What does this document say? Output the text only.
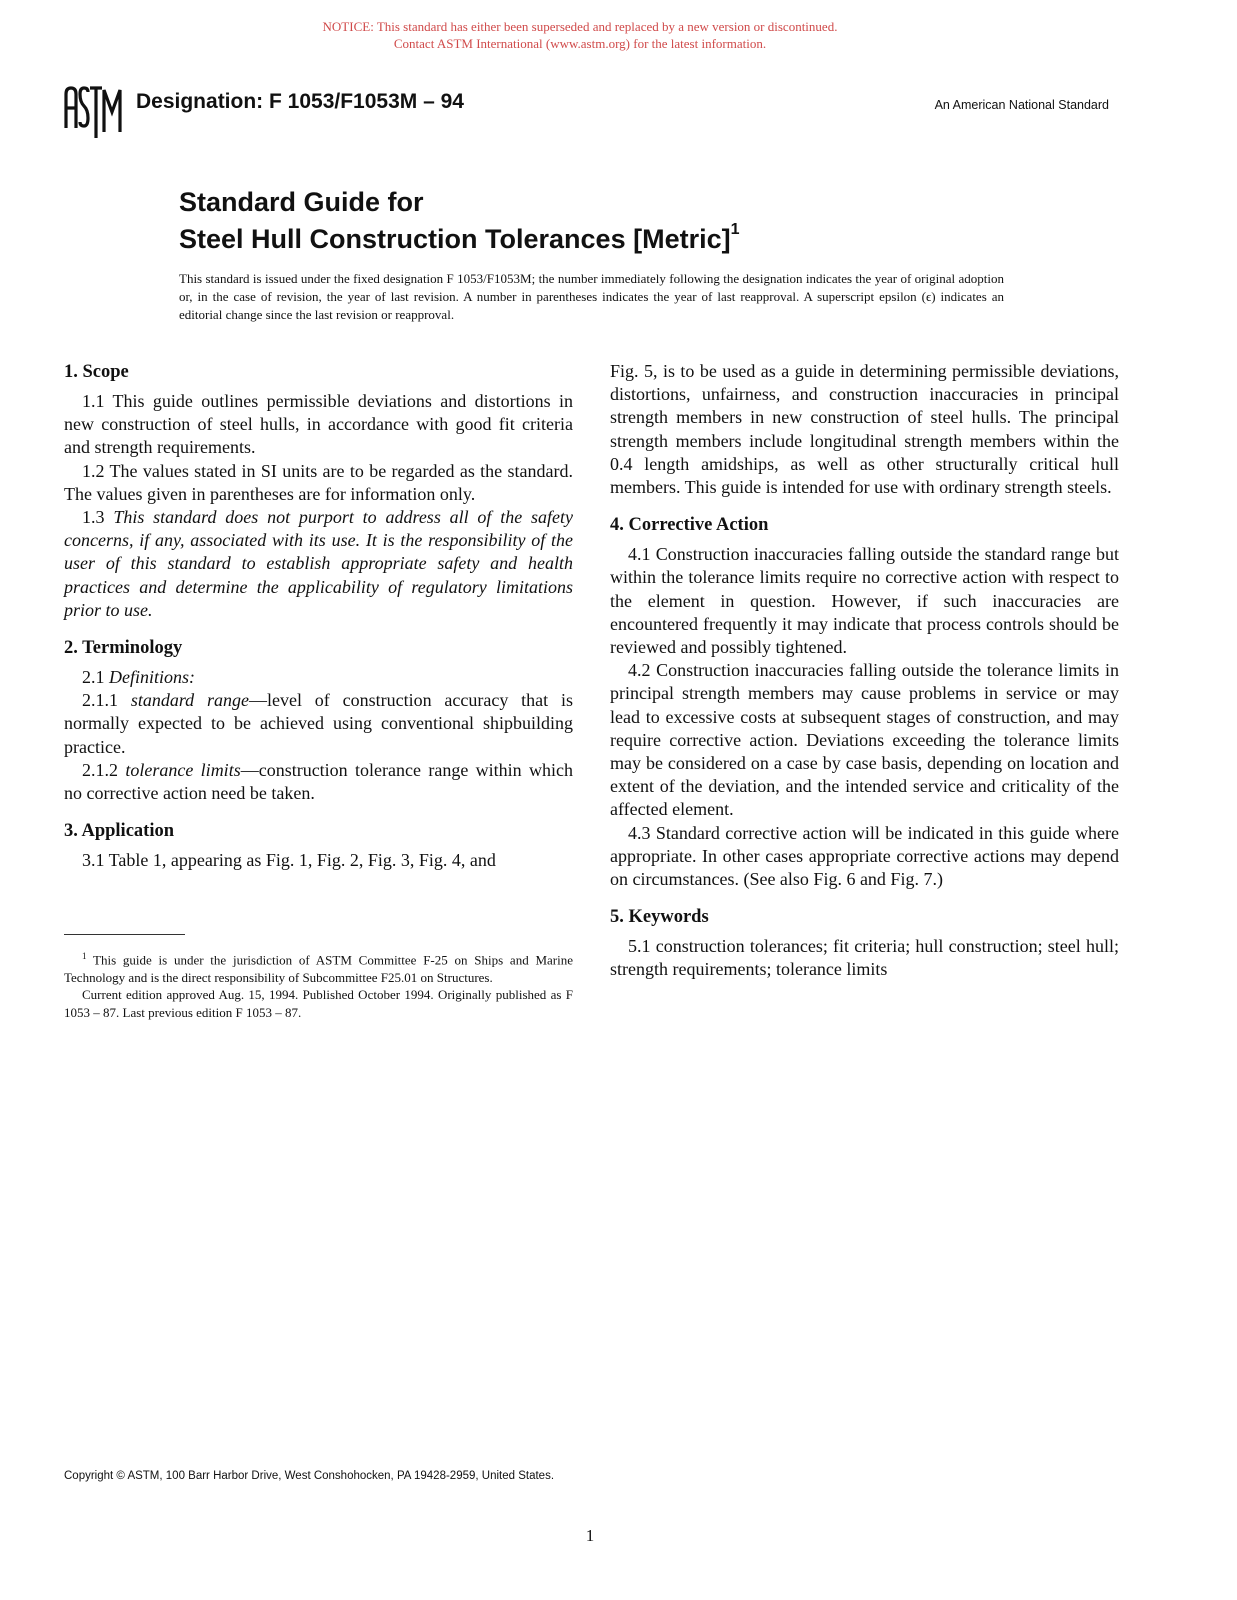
NOTICE: This standard has either been superseded and replaced by a new version or discontinued.
Contact ASTM International (www.astm.org) for the latest information.
Designation: F 1053/F1053M – 94	An American National Standard
Standard Guide for
Steel Hull Construction Tolerances [Metric]$^1$
This standard is issued under the fixed designation F 1053/F1053M; the number immediately following the designation indicates the year of original adoption or, in the case of revision, the year of last revision. A number in parentheses indicates the year of last reapproval. A superscript epsilon (ϵ) indicates an editorial change since the last revision or reapproval.
1. Scope

1.1 This guide outlines permissible deviations and distortions in new construction of steel hulls, in accordance with good fit criteria and strength requirements.

1.2 The values stated in SI units are to be regarded as the standard. The values given in parentheses are for information only.

1.3 This standard does not purport to address all of the safety concerns, if any, associated with its use. It is the responsibility of the user of this standard to establish appropriate safety and health practices and determine the applicability of regulatory limitations prior to use.

2. Terminology

2.1 Definitions:

2.1.1 standard range—level of construction accuracy that is normally expected to be achieved using conventional shipbuilding practice.

2.1.2 tolerance limits—construction tolerance range within which no corrective action need be taken.

3. Application

3.1 Table 1, appearing as Fig. 1, Fig. 2, Fig. 3, Fig. 4, and

Fig. 5, is to be used as a guide in determining permissible deviations, distortions, unfairness, and construction inaccuracies in principal strength members in new construction of steel hulls. The principal strength members include longitudinal strength members within the 0.4 length amidships, as well as other structurally critical hull members. This guide is intended for use with ordinary strength steels.

4. Corrective Action

4.1 Construction inaccuracies falling outside the standard range but within the tolerance limits require no corrective action with respect to the element in question. However, if such inaccuracies are encountered frequently it may indicate that process controls should be reviewed and possibly tightened.

4.2 Construction inaccuracies falling outside the tolerance limits in principal strength members may cause problems in service or may lead to excessive costs at subsequent stages of construction, and may require corrective action. Deviations exceeding the tolerance limits may be considered on a case by case basis, depending on location and extent of the deviation, and the intended service and criticality of the affected element.

4.3 Standard corrective action will be indicated in this guide where appropriate. In other cases appropriate corrective actions may depend on circumstances. (See also Fig. 6 and Fig. 7.)

5. Keywords

5.1 construction tolerances; fit criteria; hull construction; steel hull; strength requirements; tolerance limits

$^1$ This guide is under the jurisdiction of ASTM Committee F-25 on Ships and Marine Technology and is the direct responsibility of Subcommittee F25.01 on Structures.

Current edition approved Aug. 15, 1994. Published October 1994. Originally published as F 1053 – 87. Last previous edition F 1053 – 87.

Copyright © ASTM, 100 Barr Harbor Drive, West Conshohocken, PA 19428-2959, United States.
1
